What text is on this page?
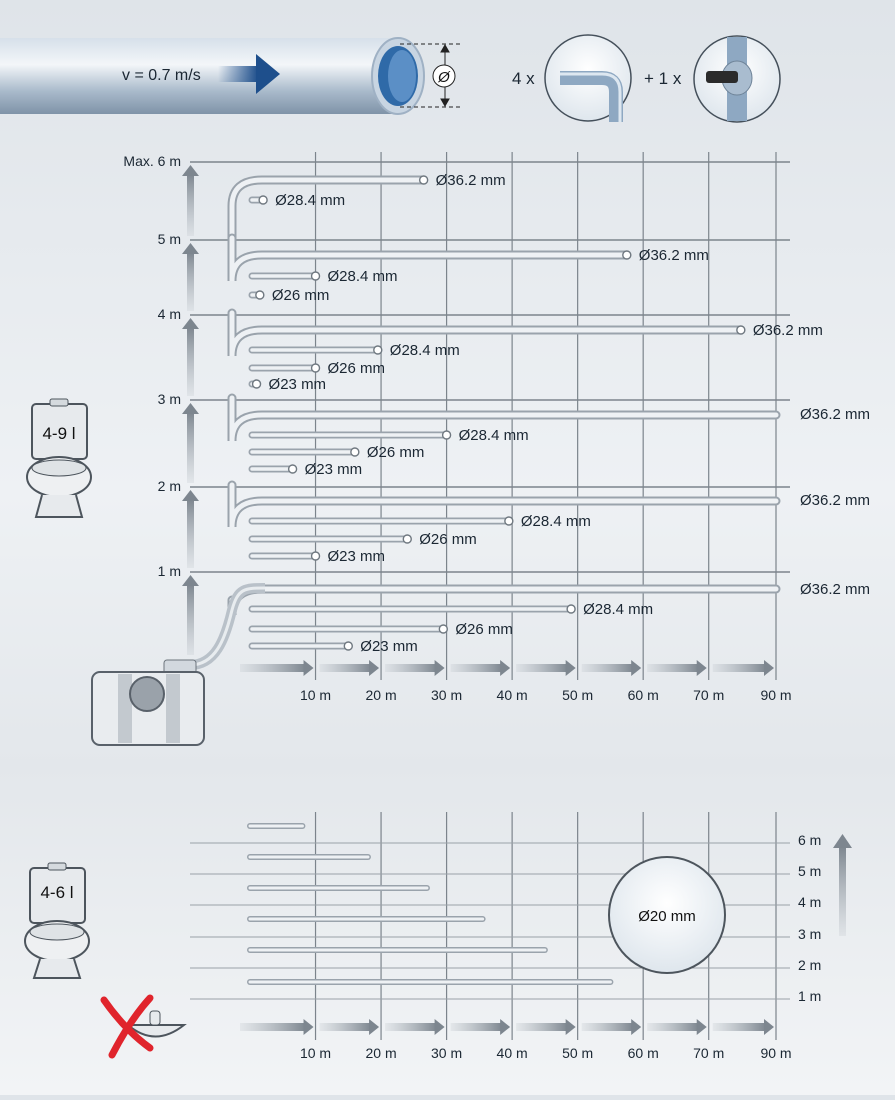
v = 0.7 m/s	Ø	4 x	+ 1 x
Ø36.2 mm
Ø36.2 mm
Ø36.2 mm
Ø36.2 mm
Ø36.2 mm
Ø36.2 mm
Ø28.4 mm
Ø28.4 mm
Ø28.4 mm
Ø28.4 mm
Ø28.4 mm
Ø28.4 mm
Ø26 mm
Ø26 mm
Ø26 mm
Ø26 mm
Ø26 mm
Ø23 mm
Ø23 mm
Ø23 mm
Ø23 mm
Max. 6 m
5 m
4 m
3 m
2 m
1 m
10 m 20 m 30 m 40 m 50 m 60 m 70 m	90 m
4-9 l
6 m
5 m
4 m
3 m
2 m
1 m
10 m 20 m 30 m 40 m 50 m 60 m 70 m	90 m
Ø20 mm
4-6 l
